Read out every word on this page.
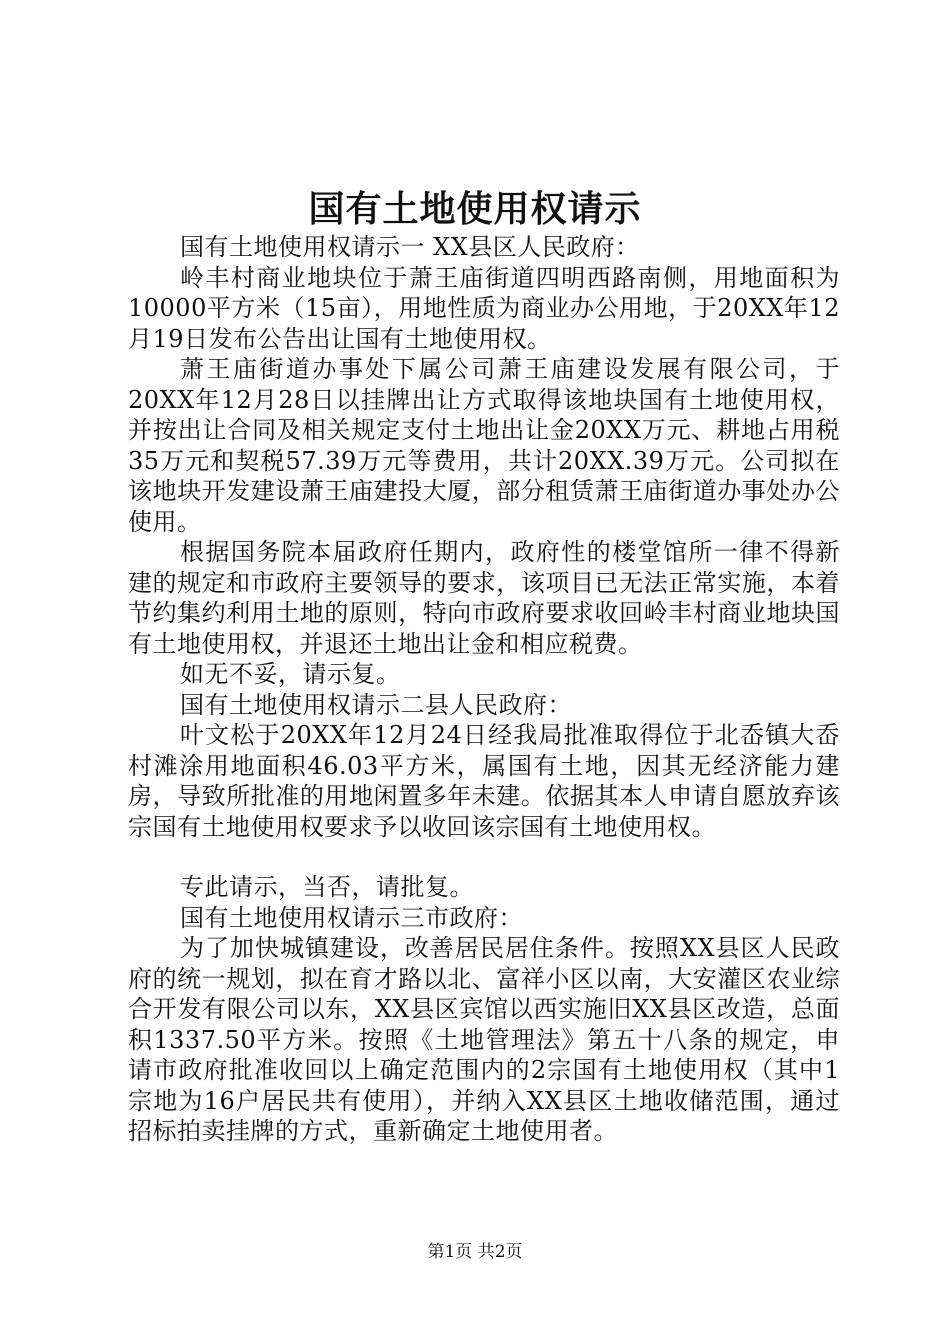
国有土地使用权请示

国有土地使用权请示一 XX县区人民政府：

岭丰村商业地块位于萧王庙街道四明西路南侧，用地面积为10000平方米（15亩），用地性质为商业办公用地，于20XX年12月19日发布公告出让国有土地使用权。

萧王庙街道办事处下属公司萧王庙建设发展有限公司，于20XX年12月28日以挂牌出让方式取得该地块国有土地使用权，并按出让合同及相关规定支付土地出让金20XX万元、耕地占用税35万元和契税57.39万元等费用，共计20XX.39万元。公司拟在该地块开发建设萧王庙建投大厦，部分租赁萧王庙街道办事处办公使用。

根据国务院本届政府任期内，政府性的楼堂馆所一律不得新建的规定和市政府主要领导的要求，该项目已无法正常实施，本着节约集约利用土地的原则，特向市政府要求收回岭丰村商业地块国有土地使用权，并退还土地出让金和相应税费。

如无不妥，请示复。

国有土地使用权请示二县人民政府：

叶文松于20XX年12月24日经我局批准取得位于北岙镇大岙村滩涂用地面积46.03平方米，属国有土地，因其无经济能力建房，导致所批准的用地闲置多年未建。依据其本人申请自愿放弃该宗国有土地使用权要求予以收回该宗国有土地使用权。

专此请示，当否，请批复。

国有土地使用权请示三市政府：

为了加快城镇建设，改善居民居住条件。按照XX县区人民政府的统一规划，拟在育才路以北、富祥小区以南，大安灌区农业综合开发有限公司以东，XX县区宾馆以西实施旧XX县区改造，总面积1337.50平方米。按照《土地管理法》第五十八条的规定，申请市政府批准收回以上确定范围内的2宗国有土地使用权（其中1宗地为16户居民共有使用），并纳入XX县区土地收储范围，通过招标拍卖挂牌的方式，重新确定土地使用者。

第1页 共2页
